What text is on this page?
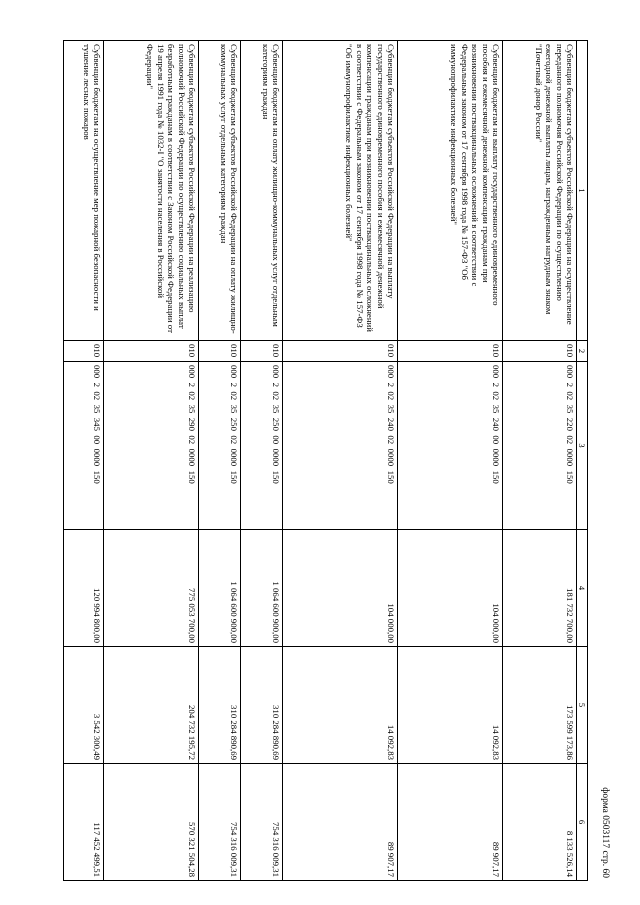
форма 0503117 стр. 60
1	2	3	4	5	6
Субвенции бюджетам субъектов Российской Федерации на осуществление переданного полномочия Российской Федерации по осуществлению ежегодной денежной выплаты лицам, награжденным нагрудным знаком "Почетный донор России"	010	000  2  02  35  220  02  0000  150	181 732 700,00	173 599 173,86	8 133 526,14
Субвенции бюджетам на выплату государственного единовременного пособия и ежемесячной денежной компенсации гражданам при возникновении поствакцинальных осложнений в соответствии с Федеральным законом от 17 сентября 1998 года № 157-ФЗ "Об иммунопрофилактике инфекционных болезней"	010	000  2  02  35  240  00  0000  150	104 000,00	14 092,83	89 907,17
Субвенции бюджетам субъектов Российской Федерации на выплату государственного единовременного пособия и ежемесячной денежной компенсации гражданам при возникновении поствакцинальных осложнений в соответствии с Федеральным законом от 17 сентября 1998 года № 157-ФЗ "Об иммунопрофилактике инфекционных болезней"	010	000  2  02  35  240  02  0000  150	104 000,00	14 092,83	89 907,17
Субвенции бюджетам на оплату жилищно-коммунальных услуг отдельным категориям граждан	010	000  2  02  35  250  00  0000  150	1 064 600 900,00	310 284 890,69	754 316 009,31
Субвенции бюджетам субъектов Российской Федерации на оплату жилищно-коммунальных услуг отдельным категориям граждан	010	000  2  02  35  250  02  0000  150	1 064 600 900,00	310 284 890,69	754 316 009,31
Субвенции бюджетам субъектов Российской Федерации на реализацию полномочий Российской Федерации по осуществлению социальных выплат безработным гражданам в соответствии с Законом Российской Федерации от 19 апреля 1991 года № 1032-I "О занятости населения в Российской Федерации"	010	000  2  02  35  290  02  0000  150	775 053 700,00	204 732 195,72	570 321 504,28
Субвенции бюджетам на осуществление мер пожарной безопасности и тушение лесных пожаров	010	000  2  02  35  345  00  0000  150	120 994 800,00	3 542 300,49	117 452 499,51
